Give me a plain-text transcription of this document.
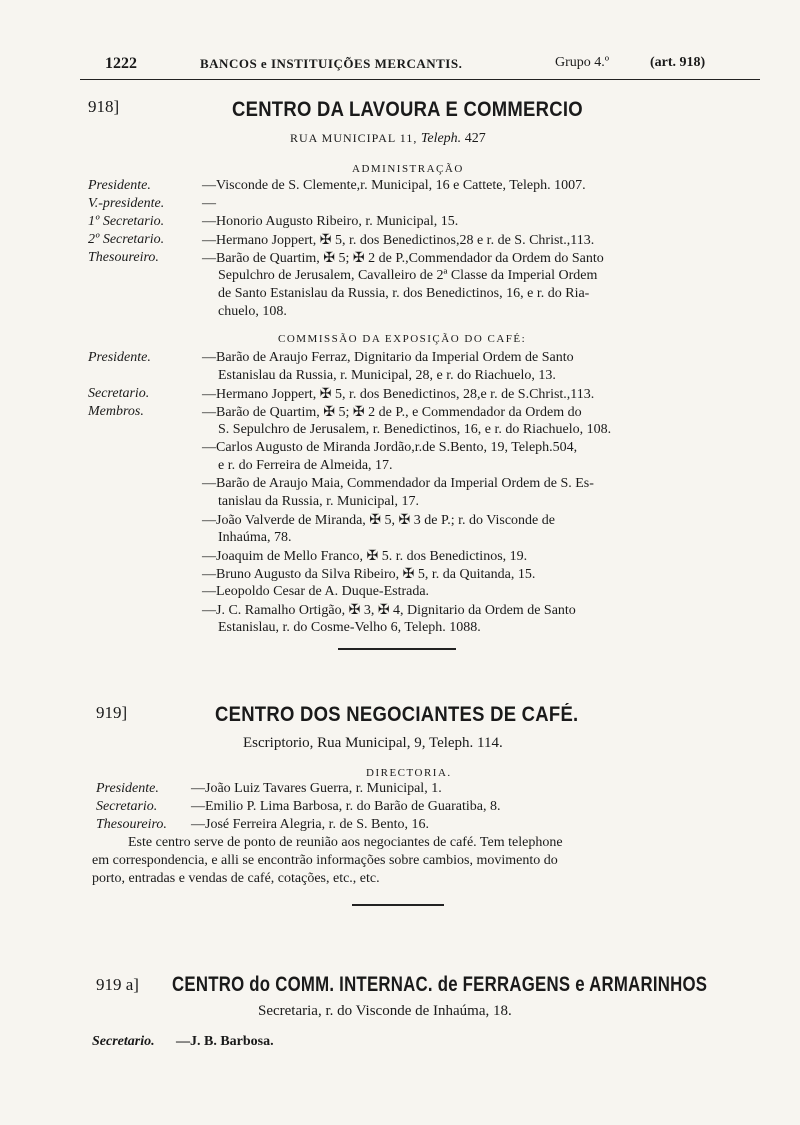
1222	BANCOS e INSTITUIÇÕES MERCANTIS.	Grupo 4.º	(art. 918)
918]	CENTRO DA LAVOURA E COMMERCIO
RUA MUNICIPAL 11, Teleph. 427
ADMINISTRAÇÃO
Presidente.	—Visconde de S. Clemente,r. Municipal, 16 e Cattete, Teleph. 1007.
V.-presidente.	—
1º Secretario.	—Honorio Augusto Ribeiro, r. Municipal, 15.
2º Secretario.	—Hermano Joppert, ✠ 5, r. dos Benedictinos,28 e r. de S. Christ.,113.
Thesoureiro.	—Barão de Quartim, ✠ 5; ✠ 2 de P.,Commendador da Ordem do Santo
Sepulchro de Jerusalem, Cavalleiro de 2ª Classe da Imperial Ordem
de Santo Estanislau da Russia, r. dos Benedictinos, 16, e r. do Ria-
chuelo, 108.
COMMISSÃO DA EXPOSIÇÃO DO CAFÉ:
Presidente.	—Barão de Araujo Ferraz, Dignitario da Imperial Ordem de Santo
Estanislau da Russia, r. Municipal, 28, e r. do Riachuelo, 13.
Secretario.	—Hermano Joppert, ✠ 5, r. dos Benedictinos, 28,e r. de S.Christ.,113.
Membros.	—Barão de Quartim, ✠ 5; ✠ 2 de P., e Commendador da Ordem do
S. Sepulchro de Jerusalem, r. Benedictinos, 16, e r. do Riachuelo, 108.
—Carlos Augusto de Miranda Jordão,r.de S.Bento, 19, Teleph.504,
e r. do Ferreira de Almeida, 17.
—Barão de Araujo Maia, Commendador da Imperial Ordem de S. Es-
tanislau da Russia, r. Municipal, 17.
—João Valverde de Miranda, ✠ 5, ✠ 3 de P.; r. do Visconde de
Inhaúma, 78.
—Joaquim de Mello Franco, ✠ 5. r. dos Benedictinos, 19.
—Bruno Augusto da Silva Ribeiro, ✠ 5, r. da Quitanda, 15.
—Leopoldo Cesar de A. Duque-Estrada.
—J. C. Ramalho Ortigão, ✠ 3, ✠ 4, Dignitario da Ordem de Santo
Estanislau, r. do Cosme-Velho 6, Teleph. 1088.
919]	CENTRO DOS NEGOCIANTES DE CAFÉ.
Escriptorio, Rua Municipal, 9, Teleph. 114.
DIRECTORIA.
Presidente. —João Luiz Tavares Guerra, r. Municipal, 1.
Secretario. —Emilio P. Lima Barbosa, r. do Barão de Guaratiba, 8.
Thesoureiro. —José Ferreira Alegria, r. de S. Bento, 16.
Este centro serve de ponto de reunião aos negociantes de café. Tem telephone
em correspondencia, e alli se encontrão informações sobre cambios, movimento do
porto, entradas e vendas de café, cotações, etc., etc.
919 a] CENTRO do COMM. INTERNAC. de FERRAGENS e ARMARINHOS
Secretaria, r. do Visconde de Inhaúma, 18.
Secretario. —J. B. Barbosa.
